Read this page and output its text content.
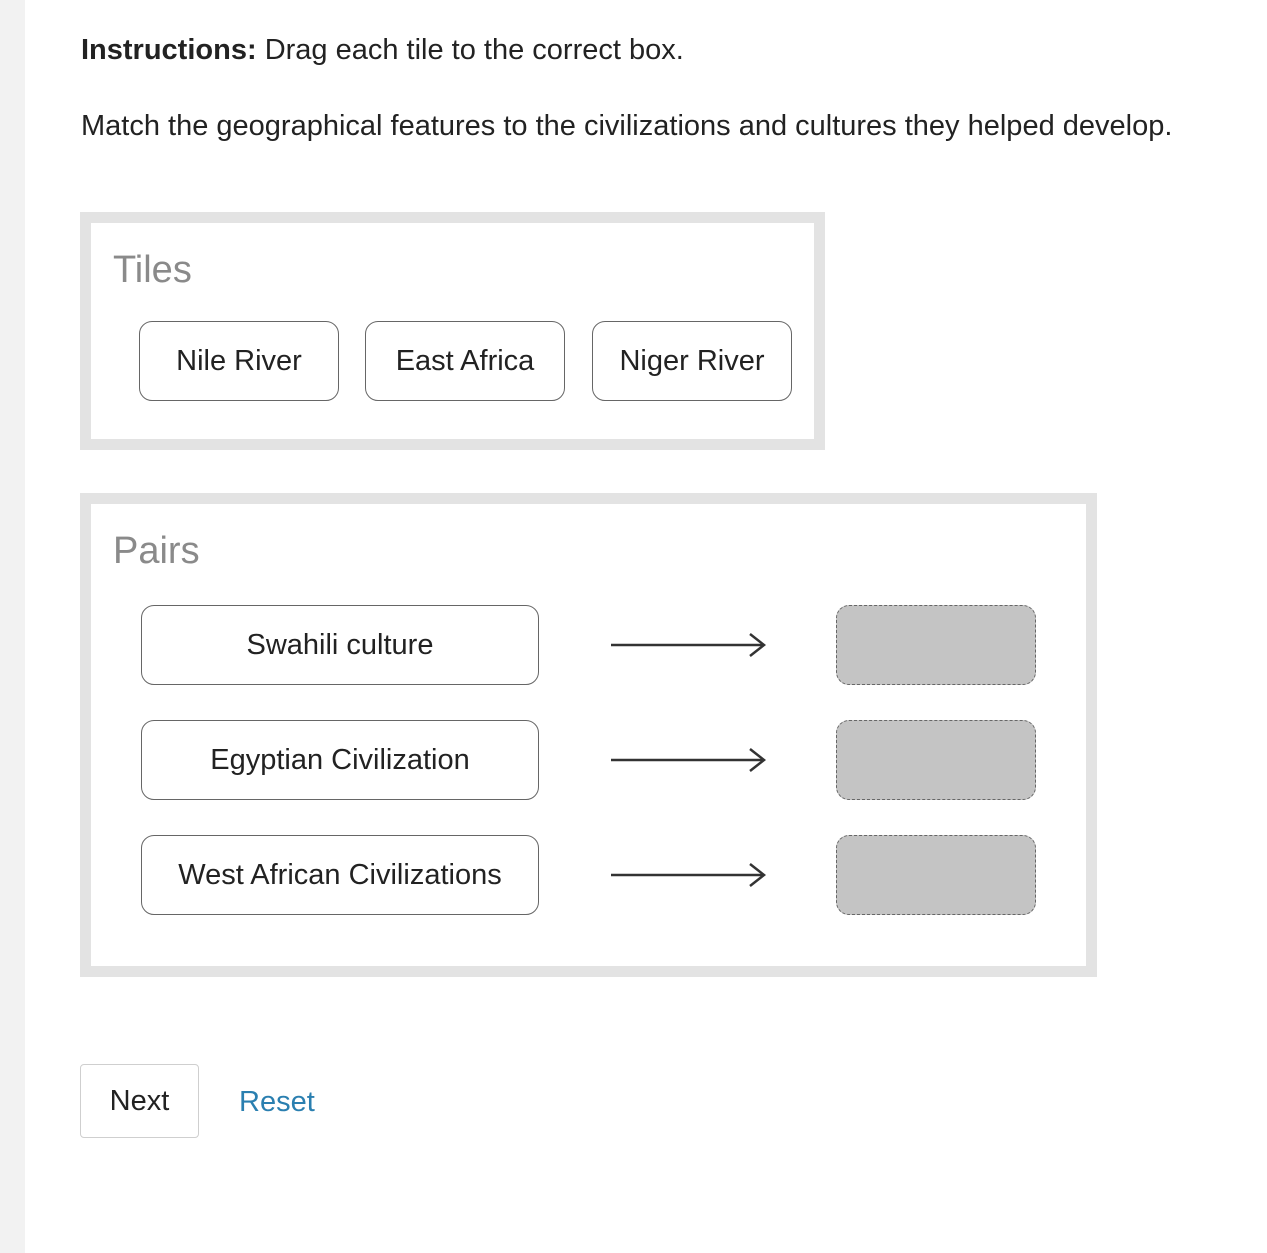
Instructions: Drag each tile to the correct box.
Match the geographical features to the civilizations and cultures they helped develop.
Tiles
Nile River	East Africa	Niger River
Pairs
Swahili culture
Egyptian Civilization
West African Civilizations
Next	Reset
